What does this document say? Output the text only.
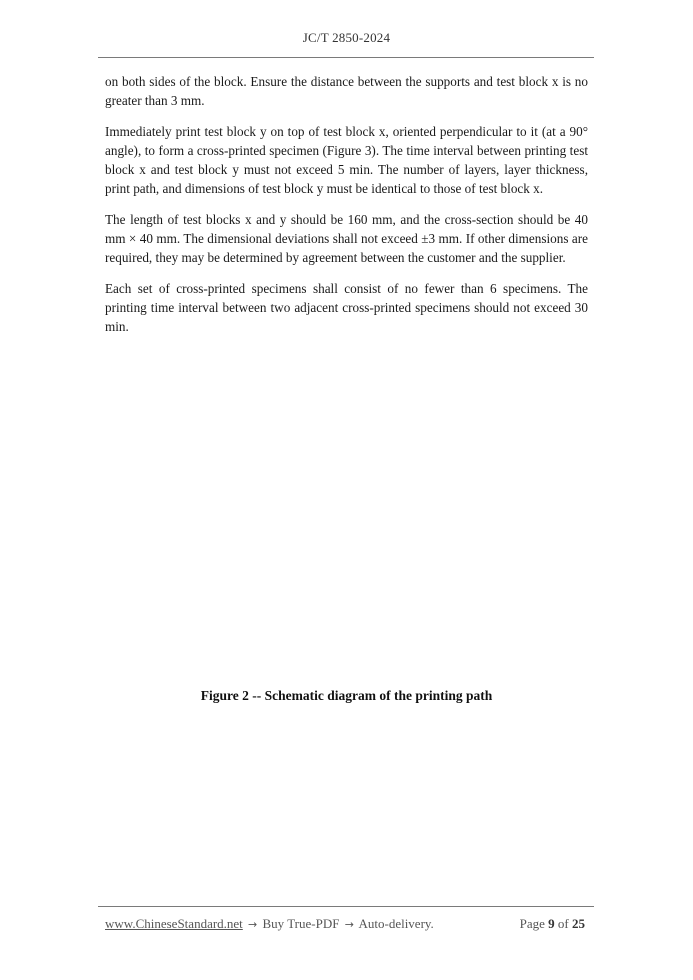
JC/T 2850-2024

on both sides of the block. Ensure the distance between the supports and test block x is no greater than 3 mm.

Immediately print test block y on top of test block x, oriented perpendicular to it (at a 90° angle), to form a cross-printed specimen (Figure 3). The time interval between printing test block x and test block y must not exceed 5 min. The number of layers, layer thickness, print path, and dimensions of test block y must be identical to those of test block x.

The length of test blocks x and y should be 160 mm, and the cross-section should be 40 mm × 40 mm. The dimensional deviations shall not exceed ±3 mm. If other dimensions are required, they may be determined by agreement between the customer and the supplier.

Each set of cross-printed specimens shall consist of no fewer than 6 specimens. The printing time interval between two adjacent cross-printed specimens should not exceed 30 min.

Figure 2 -- Schematic diagram of the printing path
www.ChineseStandard.net → Buy True-PDF → Auto-delivery.	Page 9 of 25
